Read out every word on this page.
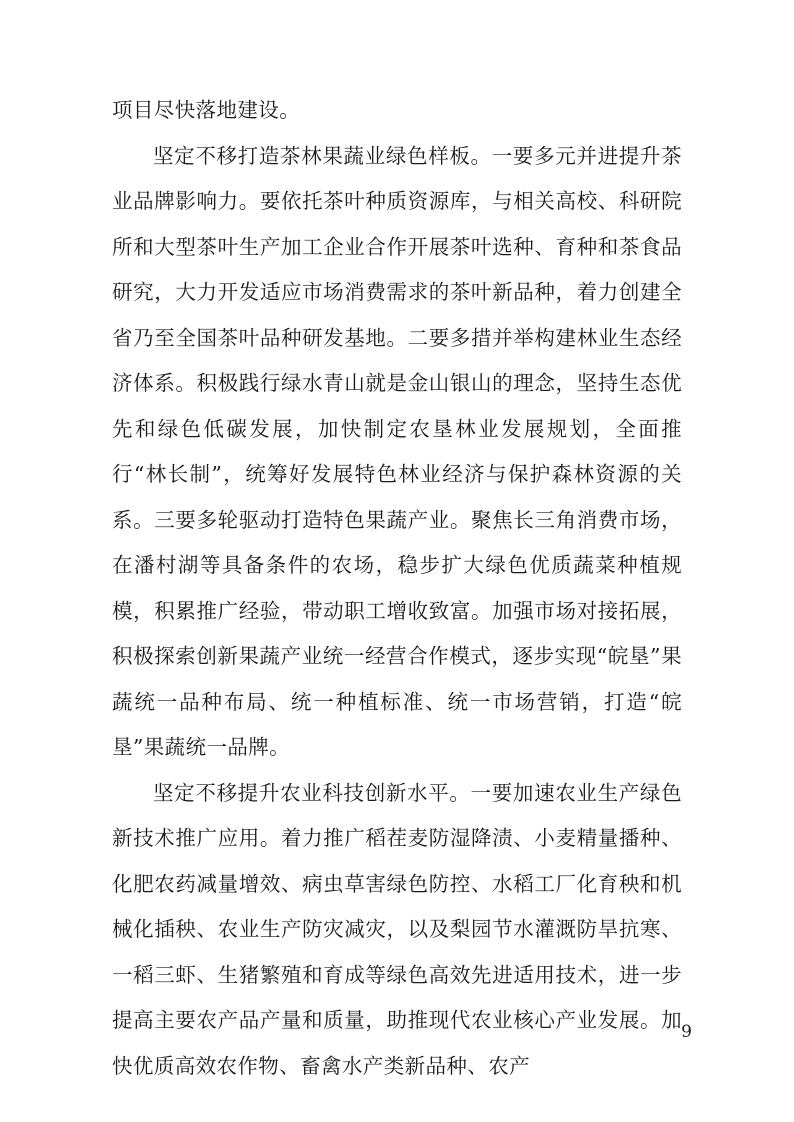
项目尽快落地建设。

坚定不移打造茶林果蔬业绿色样板。一要多元并进提升茶业品牌影响力。要依托茶叶种质资源库，与相关高校、科研院所和大型茶叶生产加工企业合作开展茶叶选种、育种和茶食品研究，大力开发适应市场消费需求的茶叶新品种，着力创建全省乃至全国茶叶品种研发基地。二要多措并举构建林业生态经济体系。积极践行绿水青山就是金山银山的理念，坚持生态优先和绿色低碳发展，加快制定农垦林业发展规划，全面推行“林长制”，统筹好发展特色林业经济与保护森林资源的关系。三要多轮驱动打造特色果蔬产业。聚焦长三角消费市场，在潘村湖等具备条件的农场，稳步扩大绿色优质蔬菜种植规模，积累推广经验，带动职工增收致富。加强市场对接拓展，积极探索创新果蔬产业统一经营合作模式，逐步实现“皖垦”果蔬统一品种布局、统一种植标准、统一市场营销，打造“皖垦”果蔬统一品牌。

坚定不移提升农业科技创新水平。一要加速农业生产绿色新技术推广应用。着力推广稻茬麦防湿降渍、小麦精量播种、化肥农药减量增效、病虫草害绿色防控、水稻工厂化育秧和机械化插秧、农业生产防灾减灾，以及梨园节水灌溉防旱抗寒、一稻三虾、生猪繁殖和育成等绿色高效先进适用技术，进一步提高主要农产品产量和质量，助推现代农业核心产业发展。加快优质高效农作物、畜禽水产类新品种、农产

9
